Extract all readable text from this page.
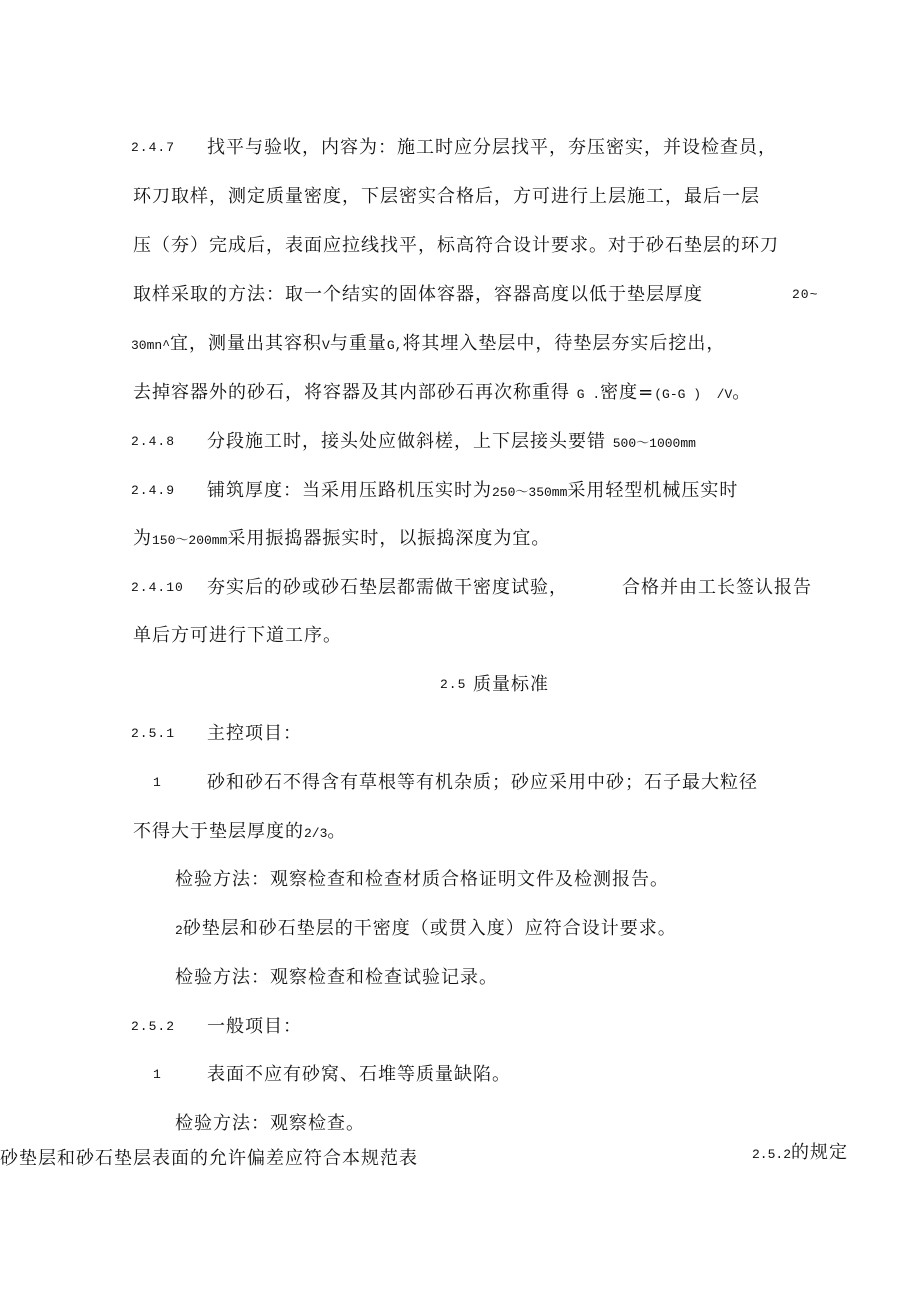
2.4.7 找平与验收，内容为：施工时应分层找平，夯压密实，并设检查员，
环刀取样，测定质量密度，下层密实合格后，方可进行上层施工，最后一层
压（夯）完成后，表面应拉线找平，标高符合设计要求。对于砂石垫层的环刀
取样采取的方法：取一个结实的固体容器，容器高度以低于垫层厚度	20~
30mn^宜，测量出其容积V与重量G,将其埋入垫层中，待垫层夯实后挖出，
去掉容器外的砂石，将容器及其内部砂石再次称重得 G .密度=(G-G )  /V。
2.4.8 分段施工时，接头处应做斜槎，上下层接头要错 500～1000mm
2.4.9 铺筑厚度：当采用压路机压实时为250～350mm采用轻型机械压实时
为150～200mm采用振捣器振实时，以振捣深度为宜。
2.4.10 夯实后的砂或砂石垫层都需做干密度试验，	合格并由工长签认报告
单后方可进行下道工序。
2.5 质量标准
2.5.1 主控项目：
1	砂和砂石不得含有草根等有机杂质；砂应采用中砂；石子最大粒径
不得大于垫层厚度的2/3。
检验方法：观察检查和检查材质合格证明文件及检测报告。
2砂垫层和砂石垫层的干密度（或贯入度）应符合设计要求。
检验方法：观察检查和检查试验记录。
2.5.2 一般项目：
1	表面不应有砂窝、石堆等质量缺陷。
检验方法：观察检查。
砂垫层和砂石垫层表面的允许偏差应符合本规范表	2.5.2的规定
